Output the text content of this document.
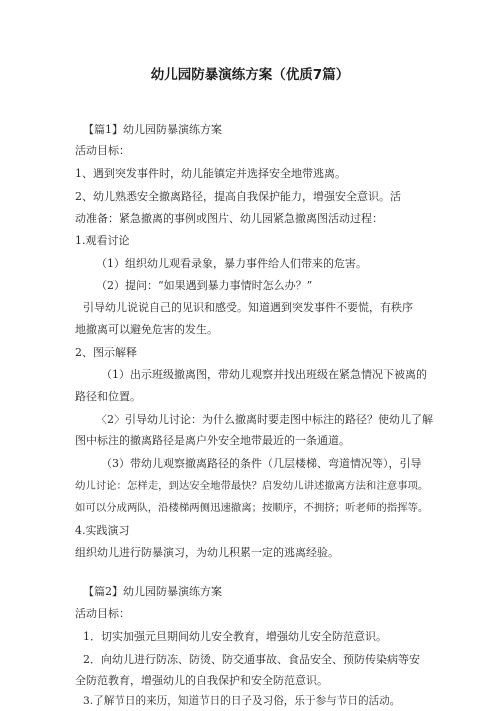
幼儿园防暴演练方案（优质7篇）
【篇1】幼儿园防暴演练方案
活动目标：
1、遇到突发事件时，幼儿能镇定并选择安全地带逃离。
2、幼儿熟悉安全撤离路径，提高自我保护能力，增强安全意识。活
动准备：紧急撤离的事例或图片、幼儿园紧急撤离图活动过程：
1.观看讨论
（1）组织幼儿观看录象，暴力事件给人们带来的危害。
（2）提问：“如果遇到暴力事情时怎么办？”
引导幼儿说说自己的见识和感受。知道遇到突发事件不要慌，有秩序
地撤离可以避免危害的发生。
2、图示解释
（1）出示班级撤离图，带幼儿观察并找出班级在紧急情况下被离的
路径和位置。
〈2〉引导幼儿讨论：为什么撤离时要走图中标注的路径？使幼儿了解
图中标注的撤离路径是离户外安全地带最近的一条通道。
（3）带幼儿观察撤离路径的条件（几层楼梯、弯道情况等），引导
幼儿讨论：怎样走，到达安全地带最快？启发幼儿讲述撤离方法和注意事项。
如可以分成两队，沿楼梯两侧迅速撤离；按顺序，不拥挤；听老师的指挥等。
4.实践演习
组织幼儿进行防暴演习，为幼儿积累一定的逃离经验。
【篇2】幼儿园防暴演练方案
活动目标：
1．切实加强元旦期间幼儿安全教育，增强幼儿安全防范意识。
2．向幼儿进行防冻、防烫、防交通事故、食品安全、预防传染病等安
全防范教育，增强幼儿的自我保护和安全防范意识。
3.了解节日的来历，知道节日的日子及习俗，乐于参与节日的活动。
